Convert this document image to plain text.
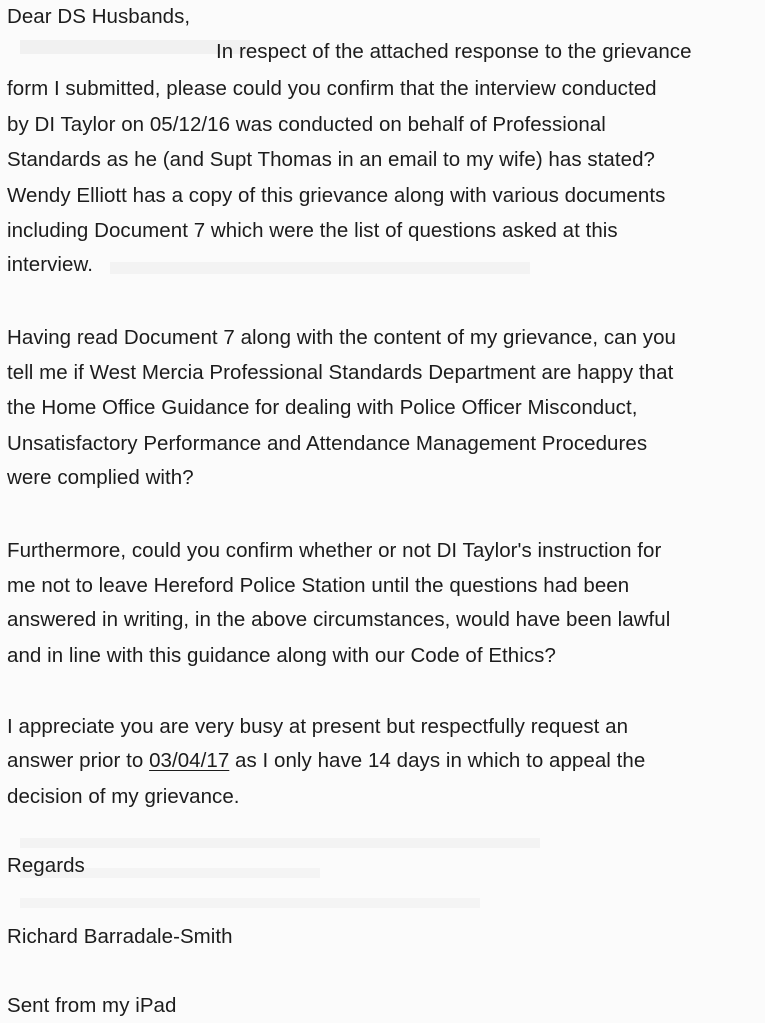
Dear DS Husbands,

In respect of the attached response to the grievance

form I submitted, please could you confirm that the interview conducted

by DI Taylor on 05/12/16 was conducted on behalf of Professional

Standards as he (and Supt Thomas in an email to my wife) has stated?

Wendy Elliott has a copy of this grievance along with various documents

including Document 7 which were the list of questions asked at this

interview.

Having read Document 7 along with the content of my grievance, can you

tell me if West Mercia Professional Standards Department are happy that

the Home Office Guidance for dealing with Police Officer Misconduct,

Unsatisfactory Performance and Attendance Management Procedures

were complied with?

Furthermore, could you confirm whether or not DI Taylor's instruction for

me not to leave Hereford Police Station until the questions had been

answered in writing, in the above circumstances, would have been lawful

and in line with this guidance along with our Code of Ethics?

I appreciate you are very busy at present but respectfully request an

answer prior to 03/04/17 as I only have 14 days in which to appeal the

decision of my grievance.

Regards

Richard Barradale-Smith

Sent from my iPad
